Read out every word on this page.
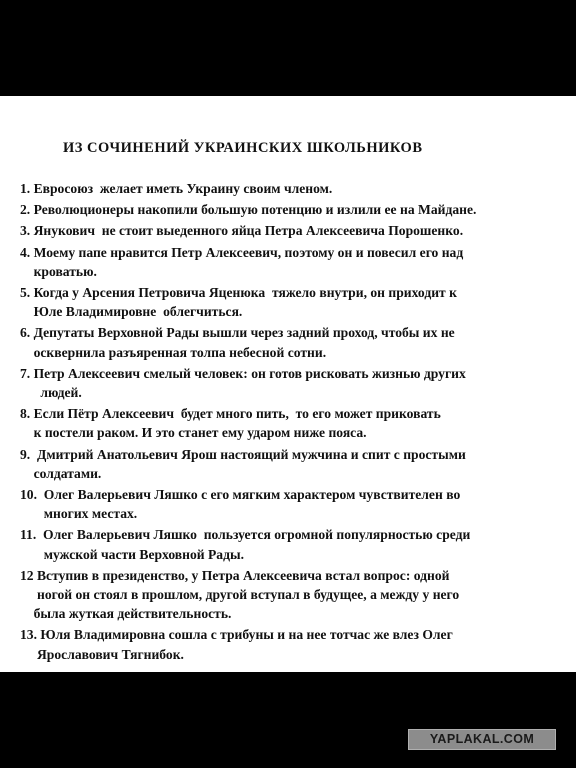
ИЗ СОЧИНЕНИЙ УКРАИНСКИХ ШКОЛЬНИКОВ
1. Евросоюз  желает иметь Украину своим членом.
2. Революционеры накопили большую потенцию и излили ее на Майдане.
3. Янукович  не стоит выеденного яйца Петра Алексеевича Порошенко.
4. Моему папе нравится Петр Алексеевич, поэтому он и повесил его над
кроватью.
5. Когда у Арсения Петровича Яценюка  тяжело внутри, он приходит к
Юле Владимировне  облегчиться.
6. Депутаты Верховной Рады вышли через задний проход, чтобы их не
осквернила разъяренная толпа небесной сотни.
7. Петр Алексеевич смелый человек: он готов рисковать жизнью других
людей.
8. Если Пётр Алексеевич  будет много пить,  то его может приковать
к постели раком. И это станет ему ударом ниже пояса.
9.  Дмитрий Анатольевич Ярош настоящий мужчина и спит с простыми
солдатами.
10.  Олег Валерьевич Ляшко с его мягким характером чувствителен во
многих местах.
11.  Олег Валерьевич Ляшко  пользуется огромной популярностью среди
мужской части Верховной Рады.
12 Вступив в президенство, у Петра Алексеевича встал вопрос: одной
ногой он стоял в прошлом, другой вступал в будущее, а между у него
была жуткая действительность.
13. Юля Владимировна сошла с трибуны и на нее тотчас же влез Олег
Ярославович Тягнибок.
YAPLAKAL.COM
